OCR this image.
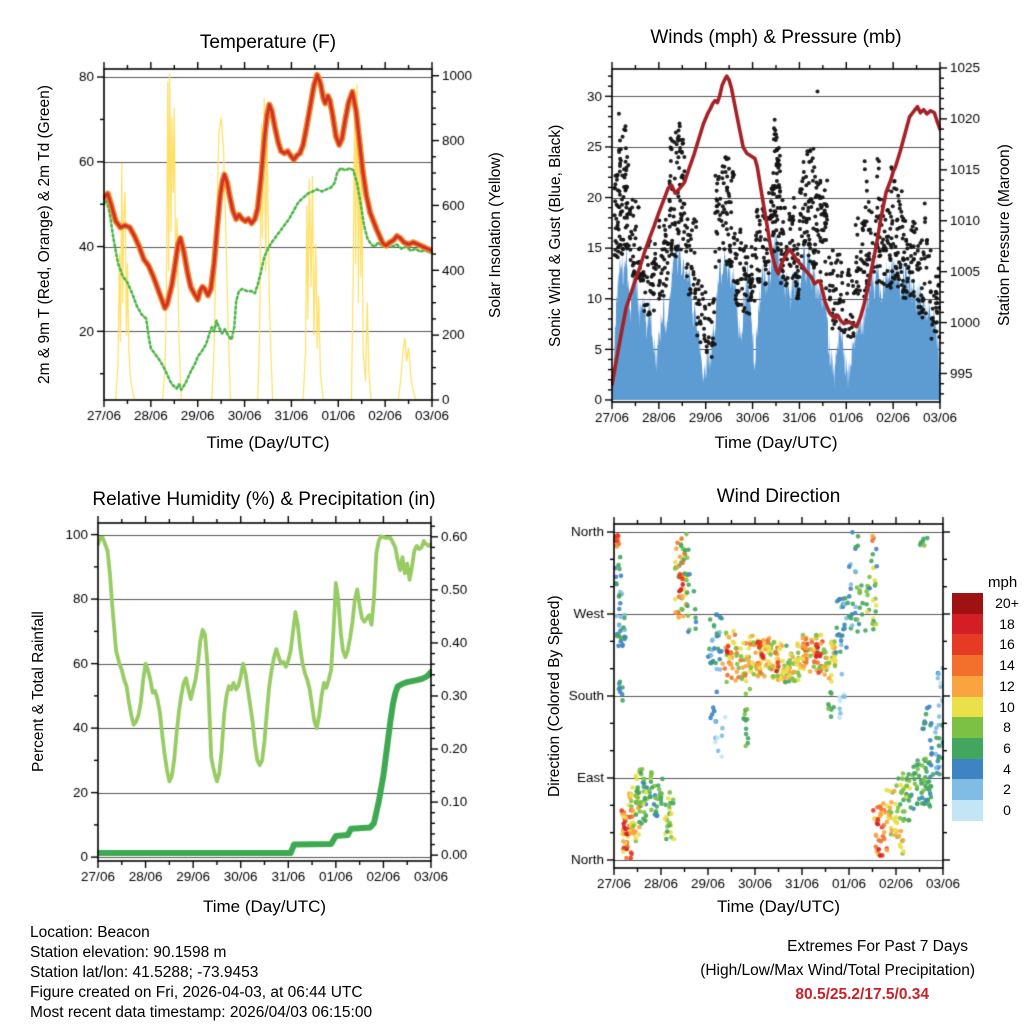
Temperature (F)	Winds (mph) & Pressure (mb)
Relative Humidity (%) & Precipitation (in)	Wind Direction
2m & 9m T (Red, Orange) & 2m Td (Green)	Solar Insolation (Yellow)	Sonic Wind & Gust (Blue, Black)	Station Pressure (Maroon)
Percent & Total Rainfall	Direction (Colored By Speed)
Time (Day/UTC)	Time (Day/UTC)
Time (Day/UTC)	Time (Day/UTC)
Location: Beacon
Station elevation: 90.1598 m
Station lat/lon: 41.5288; -73.9453
Figure created on Fri, 2026-04-03, at 06:44 UTC
Most recent data timestamp: 2026/04/03 06:15:00
Extremes For Past 7 Days
(High/Low/Max Wind/Total Precipitation)
80.5/25.2/17.5/0.34
mph
20+
18
16
14
12
10
8
6
4
2
0
